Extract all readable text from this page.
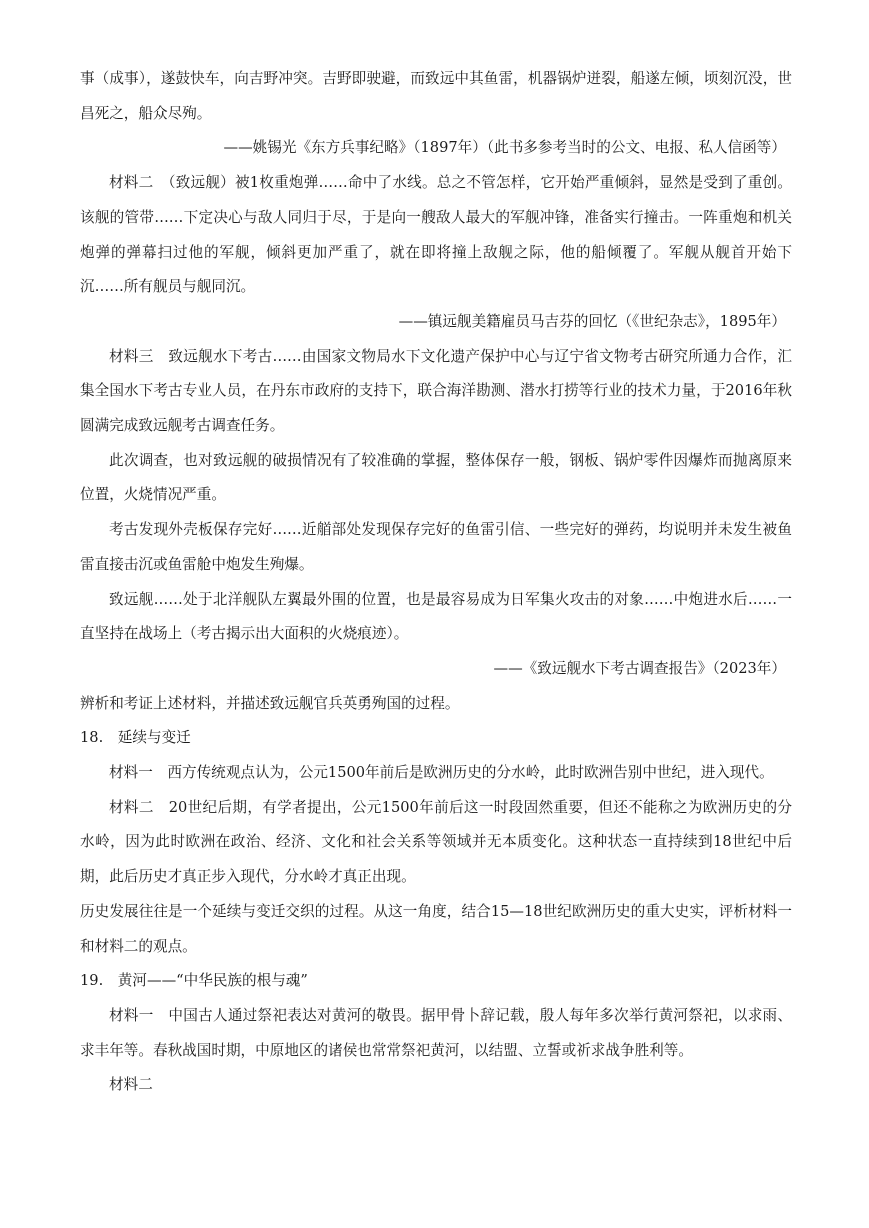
事（成事），遂鼓快车，向吉野冲突。吉野即驶避，而致远中其鱼雷，机器锅炉迸裂，船遂左倾，顷刻沉没，世昌死之，船众尽殉。

——姚锡光《东方兵事纪略》（1897年）（此书多参考当时的公文、电报、私人信函等）

材料二　（致远舰）被1枚重炮弹……命中了水线。总之不管怎样，它开始严重倾斜，显然是受到了重创。该舰的管带……下定决心与敌人同归于尽，于是向一艘敌人最大的军舰冲锋，准备实行撞击。一阵重炮和机关炮弹的弹幕扫过他的军舰，倾斜更加严重了，就在即将撞上敌舰之际，他的船倾覆了。军舰从舰首开始下沉……所有舰员与舰同沉。

——镇远舰美籍雇员马吉芬的回忆（《世纪杂志》，1895年）

材料三　致远舰水下考古……由国家文物局水下文化遗产保护中心与辽宁省文物考古研究所通力合作，汇集全国水下考古专业人员，在丹东市政府的支持下，联合海洋勘测、潜水打捞等行业的技术力量，于2016年秋圆满完成致远舰考古调查任务。

此次调查，也对致远舰的破损情况有了较准确的掌握，整体保存一般，钢板、锅炉零件因爆炸而抛离原来位置，火烧情况严重。

考古发现外壳板保存完好……近艏部处发现保存完好的鱼雷引信、一些完好的弹药，均说明并未发生被鱼雷直接击沉或鱼雷舱中炮发生殉爆。

致远舰……处于北洋舰队左翼最外围的位置，也是最容易成为日军集火攻击的对象……中炮进水后……一直坚持在战场上（考古揭示出大面积的火烧痕迹）。

——《致远舰水下考古调查报告》（2023年）

辨析和考证上述材料，并描述致远舰官兵英勇殉国的过程。

18.　延续与变迁

材料一　西方传统观点认为，公元1500年前后是欧洲历史的分水岭，此时欧洲告别中世纪，进入现代。

材料二　20世纪后期，有学者提出，公元1500年前后这一时段固然重要，但还不能称之为欧洲历史的分水岭，因为此时欧洲在政治、经济、文化和社会关系等领域并无本质变化。这种状态一直持续到18世纪中后期，此后历史才真正步入现代，分水岭才真正出现。

历史发展往往是一个延续与变迁交织的过程。从这一角度，结合15—18世纪欧洲历史的重大史实，评析材料一和材料二的观点。

19.　黄河——“中华民族的根与魂”

材料一　中国古人通过祭祀表达对黄河的敬畏。据甲骨卜辞记载，殷人每年多次举行黄河祭祀，以求雨、求丰年等。春秋战国时期，中原地区的诸侯也常常祭祀黄河，以结盟、立誓或祈求战争胜利等。

材料二
